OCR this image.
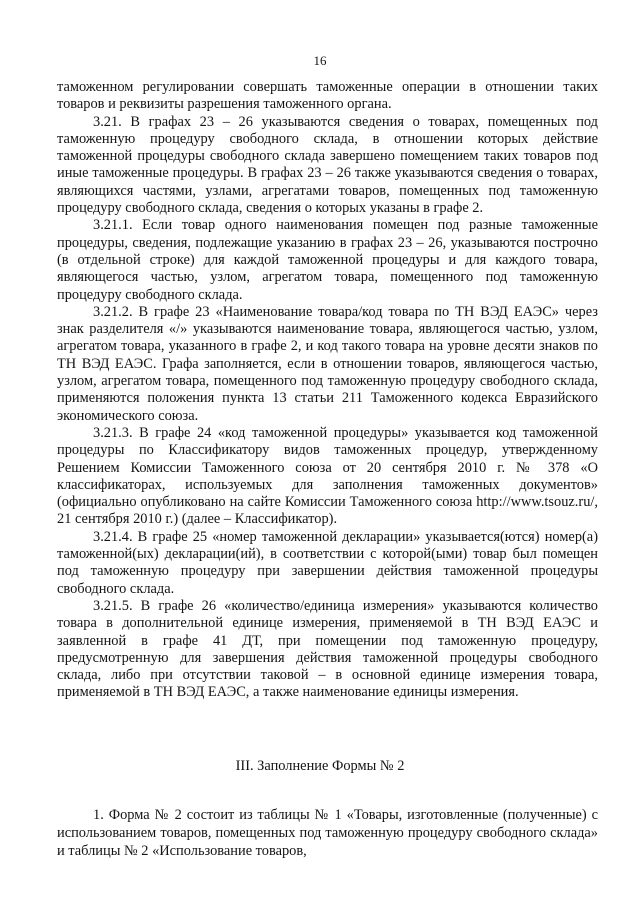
16

таможенном регулировании совершать таможенные операции в отношении таких товаров и реквизиты разрешения таможенного органа.

3.21. В графах 23 – 26 указываются сведения о товарах, помещенных под таможенную процедуру свободного склада, в отношении которых действие таможенной процедуры свободного склада завершено помещением таких товаров под иные таможенные процедуры. В графах 23 – 26 также указываются сведения о товарах, являющихся частями, узлами, агрегатами товаров, помещенных под таможенную процедуру свободного склада, сведения о которых указаны в графе 2.

3.21.1. Если товар одного наименования помещен под разные таможенные процедуры, сведения, подлежащие указанию в графах 23 – 26, указываются построчно (в отдельной строке) для каждой таможенной процедуры и для каждого товара, являющегося частью, узлом, агрегатом товара, помещенного под таможенную процедуру свободного склада.

3.21.2. В графе 23 «Наименование товара/код товара по ТН ВЭД ЕАЭС» через знак разделителя «/» указываются наименование товара, являющегося частью, узлом, агрегатом товара, указанного в графе 2, и код такого товара на уровне десяти знаков по ТН ВЭД ЕАЭС. Графа заполняется, если в отношении товаров, являющегося частью, узлом, агрегатом товара, помещенного под таможенную процедуру свободного склада, применяются положения пункта 13 статьи 211 Таможенного кодекса Евразийского экономического союза.

3.21.3. В графе 24 «код таможенной процедуры» указывается код таможенной процедуры по Классификатору видов таможенных процедур, утвержденному Решением Комиссии Таможенного союза от 20 сентября 2010 г. № 378 «О классификаторах, используемых для заполнения таможенных документов» (официально опубликовано на сайте Комиссии Таможенного союза http://www.tsouz.ru/, 21 сентября 2010 г.) (далее – Классификатор).

3.21.4. В графе 25 «номер таможенной декларации» указывается(ются) номер(а) таможенной(ых) декларации(ий), в соответствии с которой(ыми) товар был помещен под таможенную процедуру при завершении действия таможенной процедуры свободного склада.

3.21.5. В графе 26 «количество/единица измерения» указываются количество товара в дополнительной единице измерения, применяемой в ТН ВЭД ЕАЭС и заявленной в графе 41 ДТ, при помещении под таможенную процедуру, предусмотренную для завершения действия таможенной процедуры свободного склада, либо при отсутствии таковой – в основной единице измерения товара, применяемой в ТН ВЭД ЕАЭС, а также наименование единицы измерения.

III. Заполнение Формы № 2

1. Форма № 2 состоит из таблицы № 1 «Товары, изготовленные (полученные) с использованием товаров, помещенных под таможенную процедуру свободного склада» и таблицы № 2 «Использование товаров,
